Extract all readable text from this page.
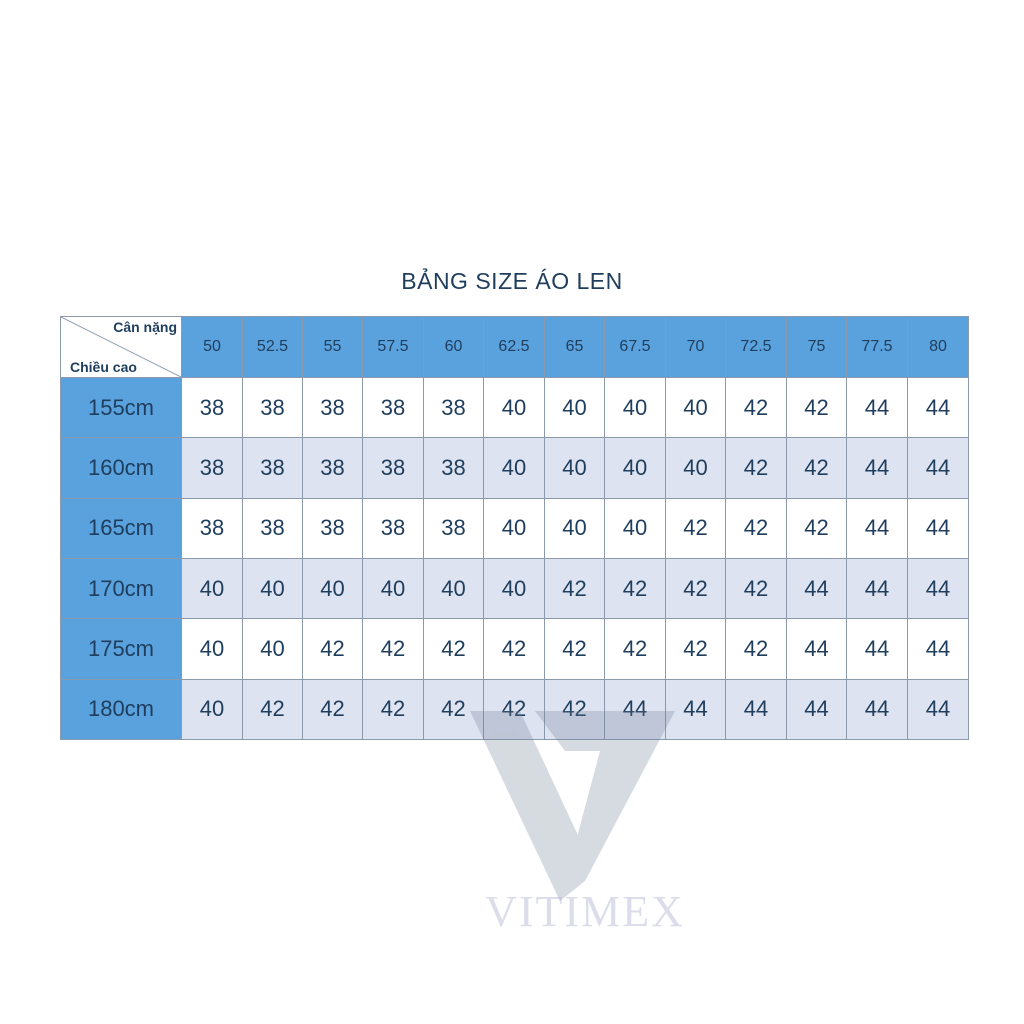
BẢNG SIZE ÁO LEN
Cân nặng
Chiều cao	50	52.5	55	57.5	60	62.5	65	67.5	70	72.5	75	77.5	80
155cm	38	38	38	38	38	40	40	40	40	42	42	44	44
160cm	38	38	38	38	38	40	40	40	40	42	42	44	44
165cm	38	38	38	38	38	40	40	40	42	42	42	44	44
170cm	40	40	40	40	40	40	42	42	42	42	44	44	44
175cm	40	40	42	42	42	42	42	42	42	42	44	44	44
180cm	40	42	42	42	42	42	42	44	44	44	44	44	44
VITIMEX
